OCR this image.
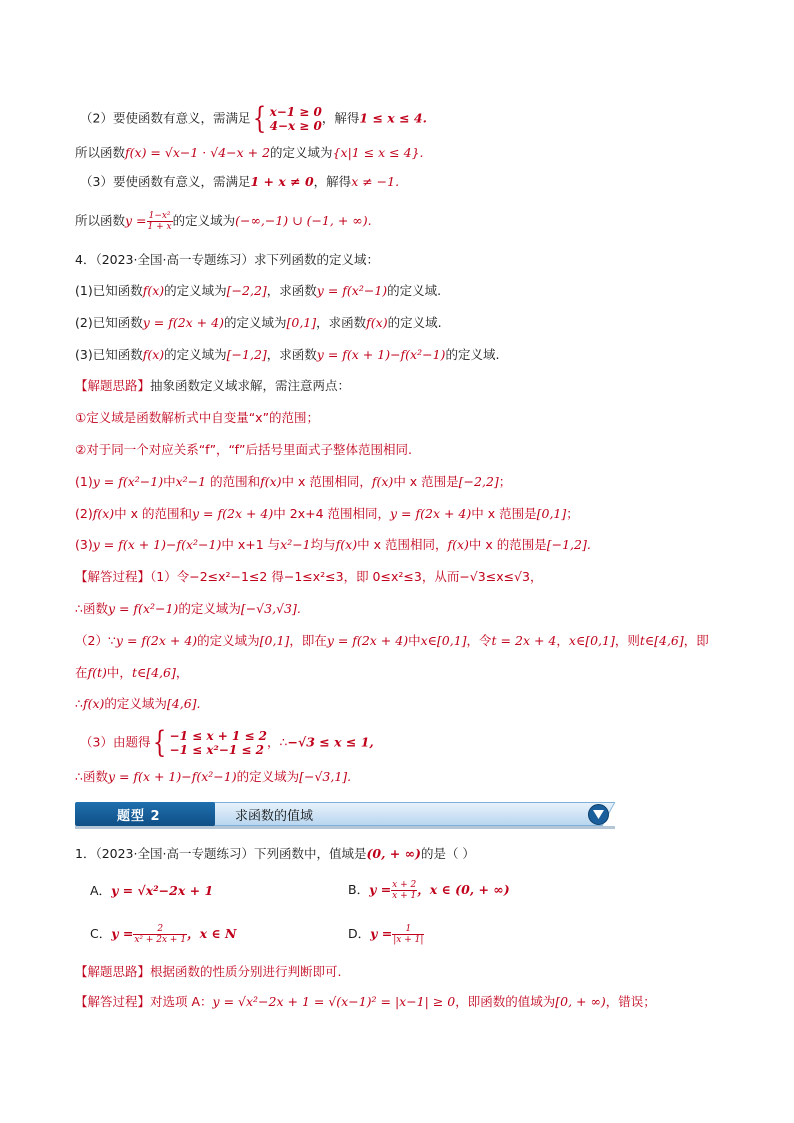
（2）要使函数有意义，需满足{ x−1 ≥ 0
4−x ≥ 0
，解得1 ≤ x ≤ 4.
所以函数f(x) = √x−1 · √4−x + 2的定义域为{x|1 ≤ x ≤ 4}.
（3）要使函数有意义，需满足1 + x ≠ 0，解得x ≠ −1.
所以函数$y = \frac{\text{1−x²}}{1 + x}$ 的定义域为(−∞,−1) ∪ (−1, + ∞).
4．（2023·全国·高一专题练习）求下列函数的定义域：
(1)已知函数f(x)的定义域为[−2,2]，求函数y = f(x²−1)的定义域.
(2)已知函数y = f(2x + 4)的定义域为[0,1]，求函数f(x)的定义域.
(3)已知函数f(x)的定义域为[−1,2]，求函数y = f(x + 1)−f(x²−1)的定义域.
【解题思路】抽象函数定义域求解，需注意两点：
①定义域是函数解析式中自变量“x”的范围；
②对于同一个对应关系“f”，“f”后括号里面式子整体范围相同.
(1)y = f(x²−1)中x²−1 的范围和f(x)中 x 范围相同，f(x)中 x 范围是[−2,2]；
(2)f(x)中 x 的范围和y = f(2x + 4)中 2x+4 范围相同，y = f(2x + 4)中 x 范围是[0,1]；
(3)y = f(x + 1)−f(x²−1)中 x+1 与x²−1均与f(x)中 x 范围相同，f(x)中 x 的范围是[−1,2].
【解答过程】（1）令−2≤x²−1≤2 得−1≤x²≤3，即 0≤x²≤3，从而−√3≤x≤√3，
∴函数y = f(x²−1)的定义域为[−√3,√3].
（2）∵y = f(2x + 4)的定义域为[0,1]，即在y = f(2x + 4)中x∈[0,1]，令t = 2x + 4，x∈[0,1]，则t∈[4,6]，即
在f(t)中，t∈[4,6]，
∴f(x)的定义域为[4,6].
（3）由题得{ −1 ≤ x + 1 ≤ 2
−1 ≤ x²−1 ≤ 2
，∴−√3 ≤ x ≤ 1,
∴函数y = f(x + 1)−f(x²−1)的定义域为[−√3,1].
题型 2	求函数的值域
1．（2023·全国·高一专题练习）下列函数中，值域是(0, + ∞)的是（ ）
A．y = √x²−2x + 1	B．$y = \frac{x + 2}{x + 1}$ ，x ∈ (0, + ∞)
C．$y = \frac{2}{\text{x² + 2x + 1}}$ ，x ∈ N	D．$y = \frac{1}{|x + 1|}$
【解题思路】根据函数的性质分别进行判断即可.
【解答过程】对选项 A：y = √x²−2x + 1 = √(x−1)² = |x−1| ≥ 0，即函数的值域为[0, + ∞)，错误；
